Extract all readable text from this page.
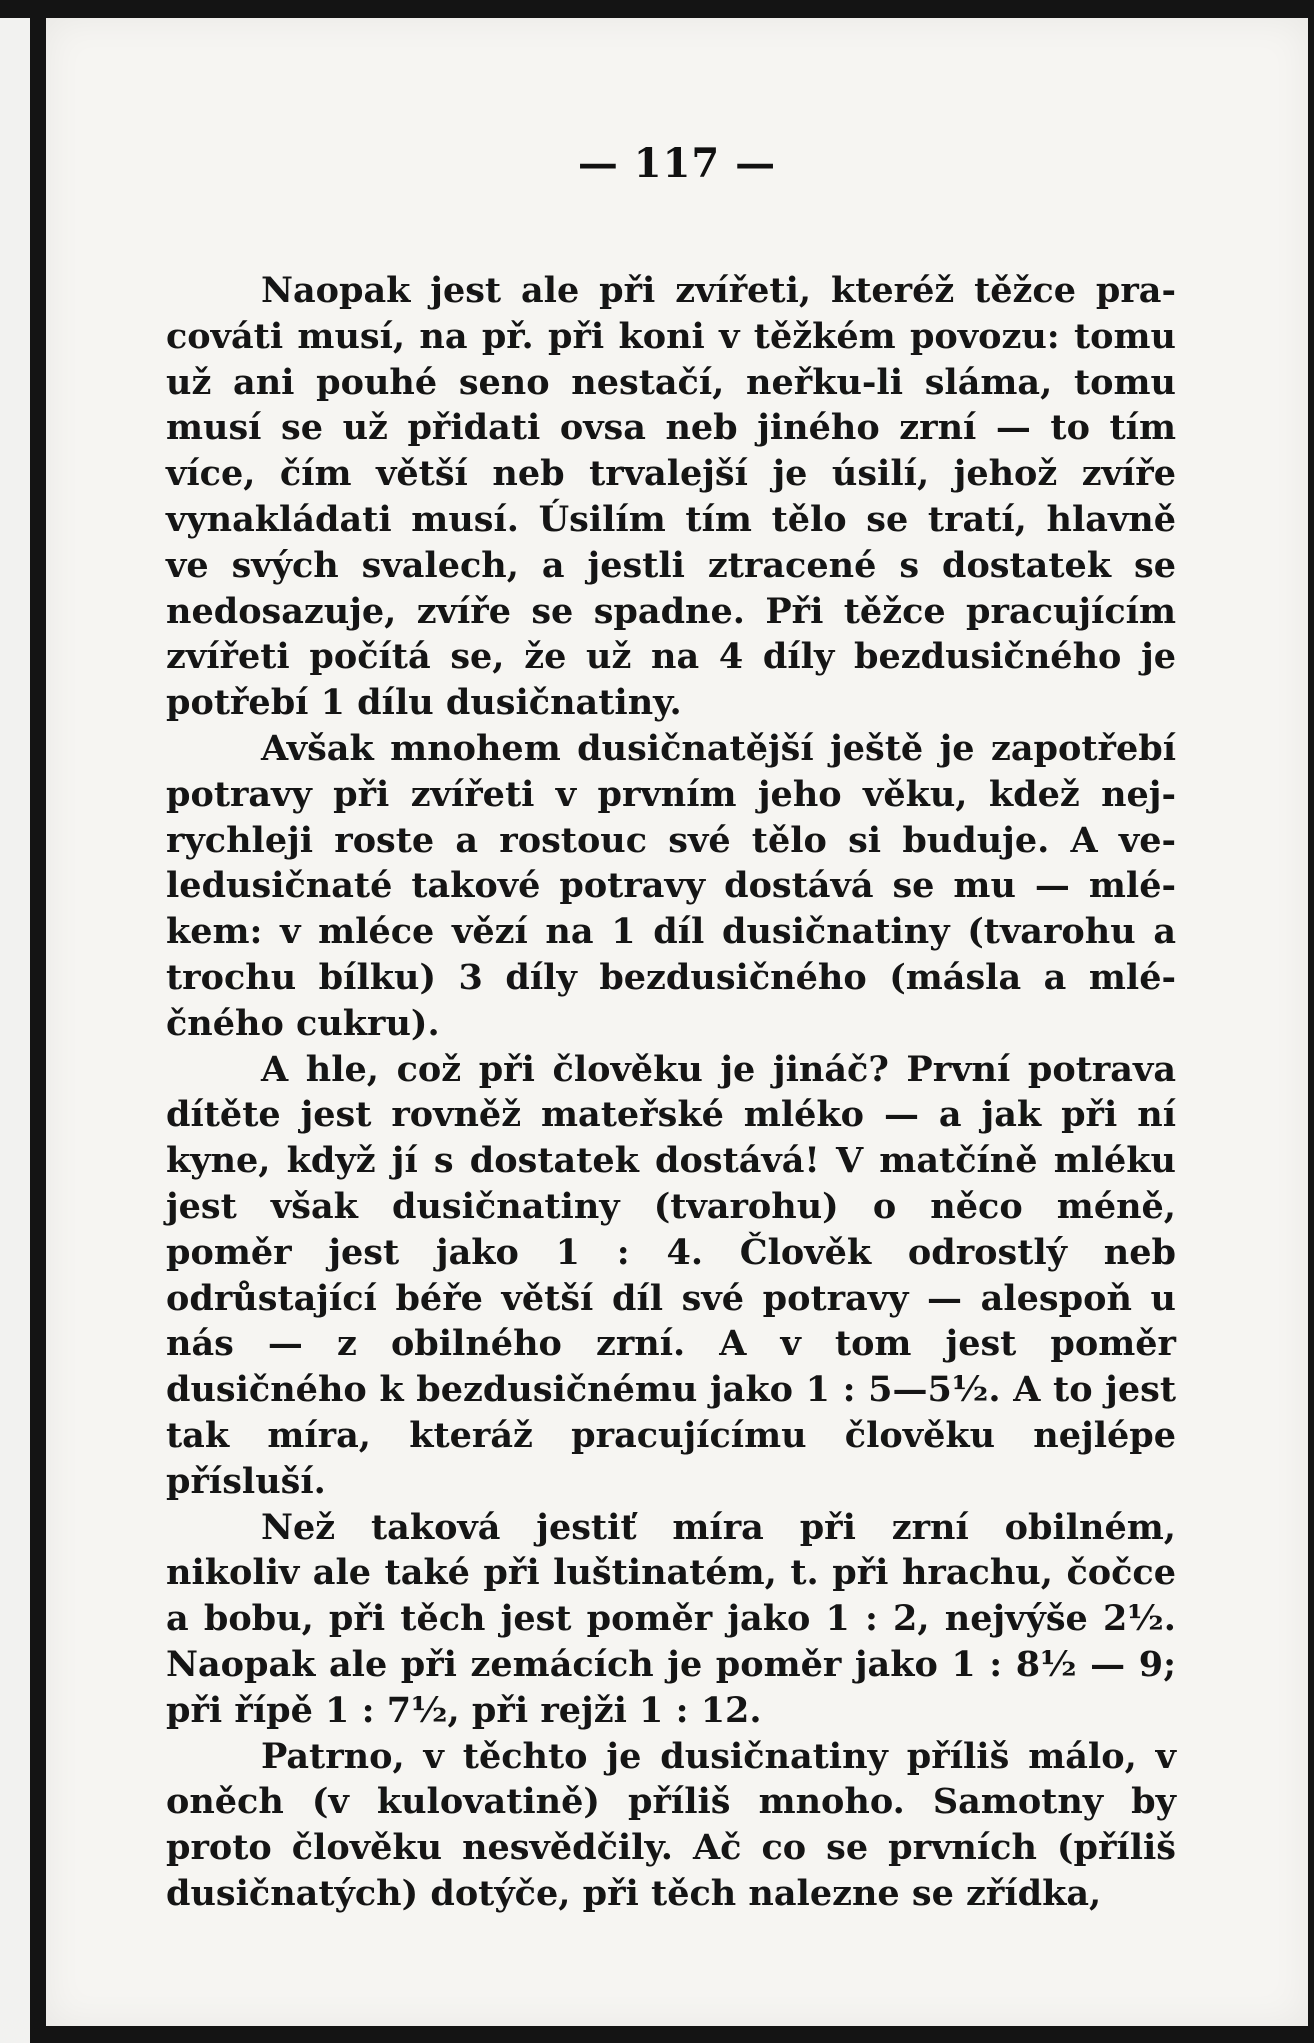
— 117 —

Naopak jest ale při zvířeti, kteréž těžce pracováti musí, na př. při koni v těžkém povozu: tomu už ani pouhé seno nestačí, neřku-li sláma, tomu musí se už přidati ovsa neb jiného zrní — to tím více, čím větší neb trvalejší je úsilí, jehož zvíře vynakládati musí. Úsilím tím tělo se tratí, hlavně ve svých svalech, a jestli ztracené s dostatek se nedosazuje, zvíře se spadne. Při těžce pracujícím zvířeti počítá se, že už na 4 díly bezdusičného je potřebí 1 dílu dusičnatiny.

Avšak mnohem dusičnatější ještě je zapotřebí potravy při zvířeti v prvním jeho věku, kdež nejrychleji roste a rostouc své tělo si buduje. A veledusičnaté takové potravy dostává se mu — mlékem: v mléce vězí na 1 díl dusičnatiny (tvarohu a trochu bílku) 3 díly bezdusičného (másla a mléčného cukru).

A hle, což při člověku je jináč? První potrava dítěte jest rovněž mateřské mléko — a jak při ní kyne, když jí s dostatek dostává! V matčíně mléku jest však dusičnatiny (tvarohu) o něco méně, poměr jest jako 1 : 4. Člověk odrostlý neb odrůstající béře větší díl své potravy — alespoň u nás — z obilného zrní. A v tom jest poměr dusičného k bezdusičnému jako 1 : 5—5½. A to jest tak míra, kteráž pracujícímu člověku nejlépe přísluší.

Než taková jestiť míra při zrní obilném, nikoliv ale také při luštinatém, t. při hrachu, čočce a bobu, při těch jest poměr jako 1 : 2, nejvýše 2½. Naopak ale při zemácích je poměr jako 1 : 8½ — 9; při řípě 1 : 7½, při rejži 1 : 12.

Patrno, v těchto je dusičnatiny příliš málo, v oněch (v kulovatině) příliš mnoho. Samotny by proto člověku nesvědčily. Ač co se prvních (příliš dusičnatých) dotýče, při těch nalezne se zřídka,
